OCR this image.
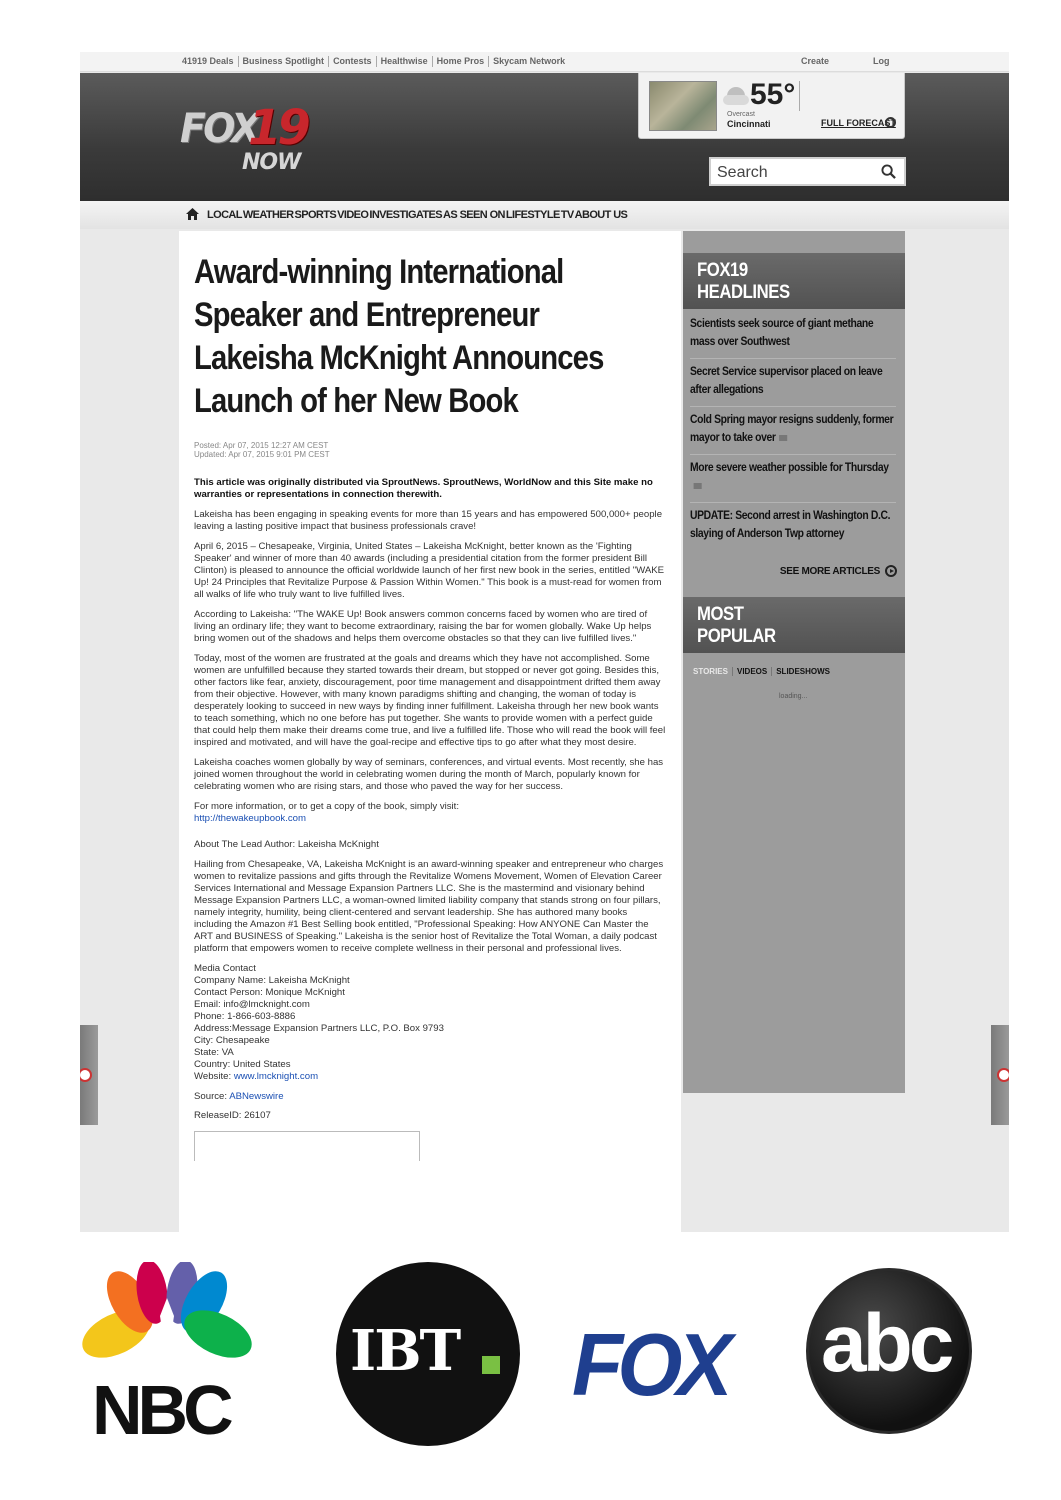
41919 Deals	Business Spotlight	Contests	Healthwise	Home Pros	Skycam Network	Create	Log
FOX
19
NOW
55°
Overcast
Cincinnati	FULL FORECAST
Search
LOCAL WEATHER SPORTS VIDEO INVESTIGATES AS SEEN ON LIFESTYLE TV ABOUT US
Award-winning International Speaker and Entrepreneur Lakeisha McKnight Announces Launch of her New Book
Posted: Apr 07, 2015 12:27 AM CEST
Updated: Apr 07, 2015 9:01 PM CEST

This article was originally distributed via SproutNews. SproutNews, WorldNow and this Site make no warranties or representations in connection therewith.

Lakeisha has been engaging in speaking events for more than 15 years and has empowered 500,000+ people leaving a lasting positive impact that business professionals crave!

April 6, 2015 – Chesapeake, Virginia, United States – Lakeisha McKnight, better known as the 'Fighting Speaker' and winner of more than 40 awards (including a presidential citation from the former president Bill Clinton) is pleased to announce the official worldwide launch of her first new book in the series, entitled "WAKE Up! 24 Principles that Revitalize Purpose & Passion Within Women." This book is a must-read for women from all walks of life who truly want to live fulfilled lives.

According to Lakeisha: "The WAKE Up! Book answers common concerns faced by women who are tired of living an ordinary life; they want to become extraordinary, raising the bar for women globally. Wake Up helps bring women out of the shadows and helps them overcome obstacles so that they can live fulfilled lives."

Today, most of the women are frustrated at the goals and dreams which they have not accomplished. Some women are unfulfilled because they started towards their dream, but stopped or never got going. Besides this, other factors like fear, anxiety, discouragement, poor time management and disappointment drifted them away from their objective. However, with many known paradigms shifting and changing, the woman of today is desperately looking to succeed in new ways by finding inner fulfillment. Lakeisha through her new book wants to teach something, which no one before has put together. She wants to provide women with a perfect guide that could help them make their dreams come true, and live a fulfilled life. Those who will read the book will feel inspired and motivated, and will have the goal-recipe and effective tips to go after what they most desire.

Lakeisha coaches women globally by way of seminars, conferences, and virtual events. Most recently, she has joined women throughout the world in celebrating women during the month of March, popularly known for celebrating women who are rising stars, and those who paved the way for her success.

For more information, or to get a copy of the book, simply visit:
http://thewakeupbook.com

About The Lead Author: Lakeisha McKnight

Hailing from Chesapeake, VA, Lakeisha McKnight is an award-winning speaker and entrepreneur who charges women to revitalize passions and gifts through the Revitalize Womens Movement, Women of Elevation Career Services International and Message Expansion Partners LLC. She is the mastermind and visionary behind Message Expansion Partners LLC, a woman-owned limited liability company that stands strong on four pillars, namely integrity, humility, being client-centered and servant leadership. She has authored many books including the Amazon #1 Best Selling book entitled, "Professional Speaking: How ANYONE Can Master the ART and BUSINESS of Speaking." Lakeisha is the senior host of Revitalize the Total Woman, a daily podcast platform that empowers women to receive complete wellness in their personal and professional lives.

Media Contact
Company Name: Lakeisha McKnight
Contact Person: Monique McKnight
Email: info@lmcknight.com
Phone: 1-866-603-8886
Address:Message Expansion Partners LLC, P.O. Box 9793
City: Chesapeake
State: VA
Country: United States
Website: www.lmcknight.com
Source: ABNewswire
ReleaseID: 26107
FOX19
HEADLINES
Scientists seek source of giant methane mass over Southwest
Secret Service supervisor placed on leave after allegations
Cold Spring mayor resigns suddenly, former mayor to take over
More severe weather possible for Thursday
UPDATE: Second arrest in Washington D.C. slaying of Anderson Twp attorney
SEE MORE ARTICLES
MOST
POPULAR
STORIES	VIDEOS	SLIDESHOWS
loading...
NBC
IBT FOX abc
